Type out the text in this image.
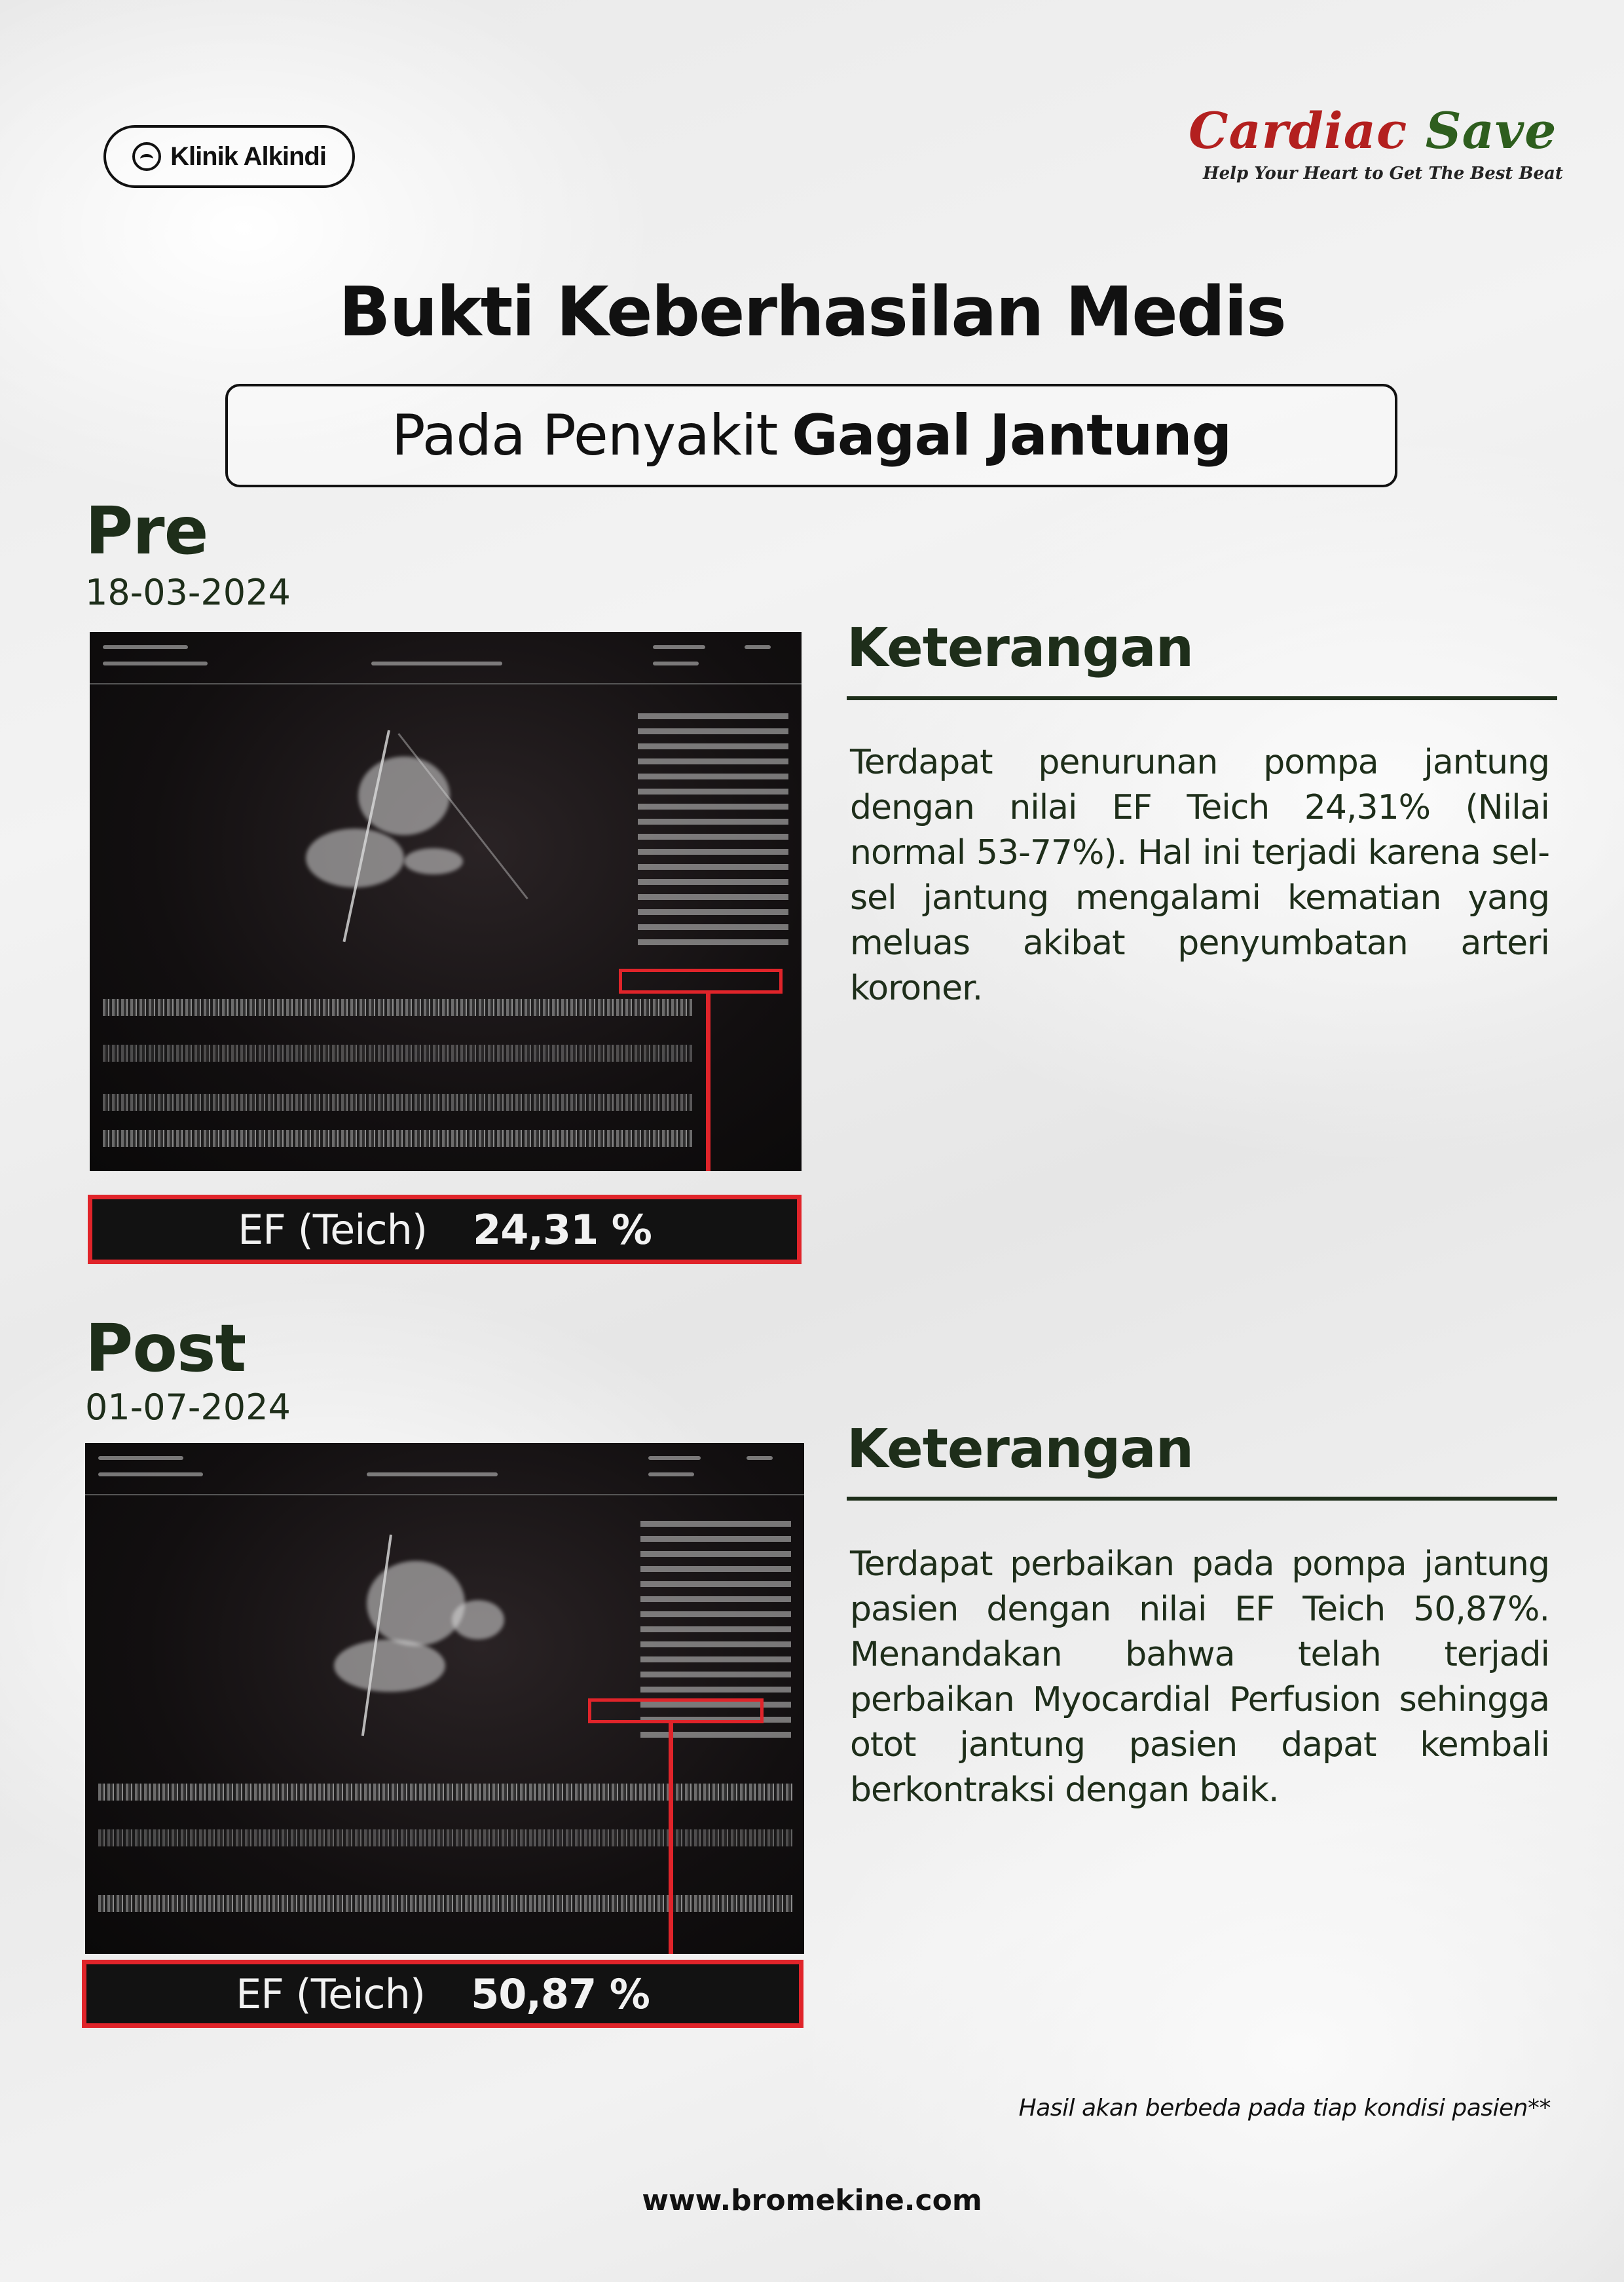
Klinik Alkindi	Cardiac Save
Help Your Heart to Get The Best Beat
Bukti Keberhasilan Medis
Pada Penyakit Gagal Jantung
Pre
18-03-2024
EF (Teich) 24,31 %
Keterangan
Terdapat penurunan pompa jantung dengan nilai EF Teich 24,31% (Nilai normal 53-77%). Hal ini terjadi karena sel-sel jantung mengalami kematian yang meluas akibat penyumbatan arteri koroner.
Post
01-07-2024
EF (Teich) 50,87 %
Keterangan
Terdapat perbaikan pada pompa jantung pasien dengan nilai EF Teich 50,87%. Menandakan bahwa telah terjadi perbaikan Myocardial Perfusion sehingga otot jantung pasien dapat kembali berkontraksi dengan baik.
Hasil akan berbeda pada tiap kondisi pasien**
www.bromekine.com
